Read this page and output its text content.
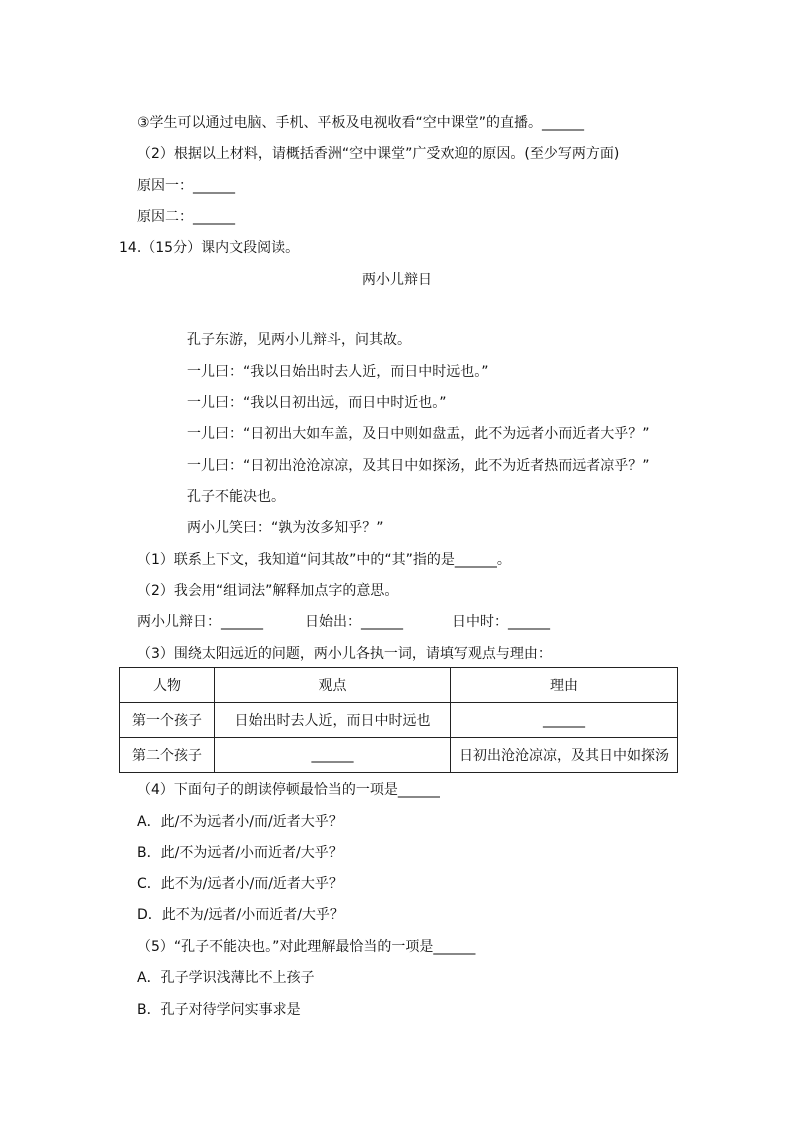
③学生可以通过电脑、手机、平板及电视收看“空中课堂”的直播。______
（2）根据以上材料，请概括香洲“空中课堂”广受欢迎的原因。(至少写两方面)
原因一：______
原因二：______
14.（15分）课内文段阅读。
两小儿辩日
孔子东游，见两小儿辩斗，问其故。
一儿曰：“我以日始出时去人近，而日中时远也。”
一儿曰：“我以日初出远，而日中时近也。”
一儿曰：“日初出大如车盖，及日中则如盘盂，此不为远者小而近者大乎？”
一儿曰：“日初出沧沧凉凉，及其日中如探汤，此不为近者热而远者凉乎？”
孔子不能决也。
两小儿笑曰：“孰为汝多知乎？”
（1）联系上下文，我知道“问其故”中的“其”指的是______。
（2）我会用“组词法”解释加点字的意思。
两小儿辩日：______	日始出：______	日中时：______
（3）围绕太阳远近的问题，两小儿各执一词，请填写观点与理由：
人物	观点	理由
第一个孩子	日始出时去人近，而日中时远也	______
第二个孩子	______	日初出沧沧凉凉，及其日中如探汤
（4）下面句子的朗读停顿最恰当的一项是______
A．此/不为远者小/而/近者大乎？
B．此/不为远者/小而近者/大乎？
C．此不为/远者小/而/近者大乎？
D．此不为/远者/小而近者/大乎？
（5）“孔子不能决也。”对此理解最恰当的一项是______
A．孔子学识浅薄比不上孩子
B．孔子对待学问实事求是
